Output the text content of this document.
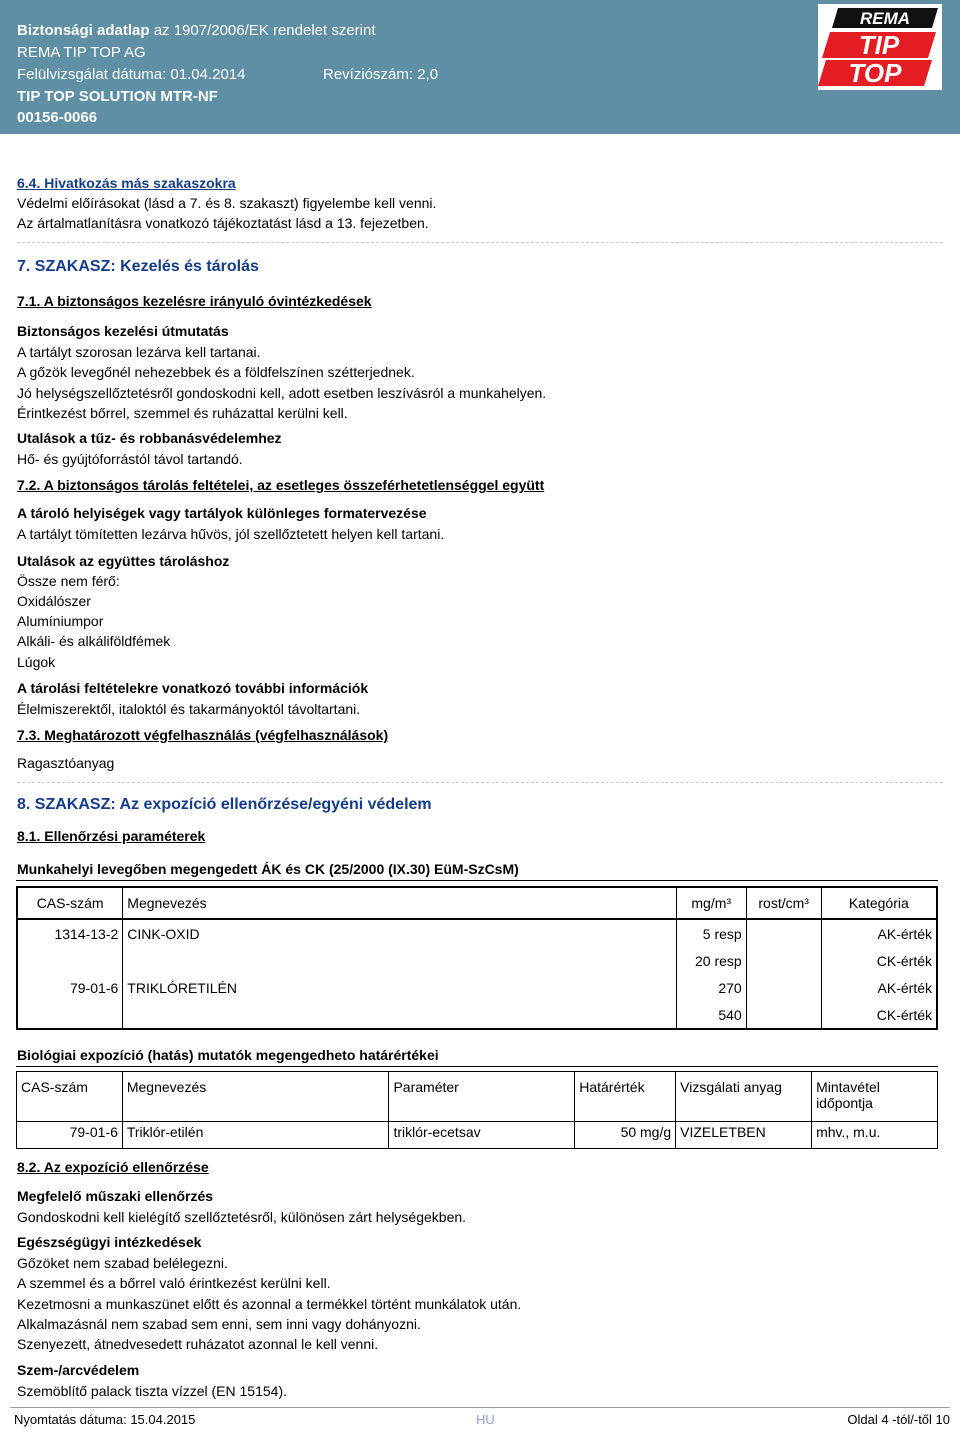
Biztonsági adatlap az 1907/2006/EK rendelet szerint
REMA TIP TOP AG
Felülvizsgálat dátuma: 01.04.2014	Revíziószám: 2,0
TIP TOP SOLUTION MTR-NF
00156-0066
REMA
TIP
TOP
6.4. Hivatkozás más szakaszokra
Védelmi előírásokat (lásd a 7. és 8. szakaszt) figyelembe kell venni.
Az ártalmatlanításra vonatkozó tájékoztatást lásd a 13. fejezetben.
7. SZAKASZ: Kezelés és tárolás
7.1. A biztonságos kezelésre irányuló óvintézkedések
Biztonságos kezelési útmutatás
A tartályt szorosan lezárva kell tartanai.
A gőzök levegőnél nehezebbek és a földfelszínen szétterjednek.
Jó helységszellőztetésről gondoskodni kell, adott esetben leszívásról a munkahelyen.
Érintkezést bőrrel, szemmel és ruházattal kerülni kell.
Utalások a tűz- és robbanásvédelemhez
Hő- és gyújtóforrástól távol tartandó.
7.2. A biztonságos tárolás feltételei, az esetleges összeférhetetlenséggel együtt
A tároló helyiségek vagy tartályok különleges formatervezése
A tartályt tömítetten lezárva hűvös, jól szellőztetett helyen kell tartani.
Utalások az együttes tároláshoz
Össze nem férő:
Oxidálószer
Alumíniumpor
Alkáli- és alkáliföldfémek
Lúgok
A tárolási feltételekre vonatkozó további információk
Élelmiszerektől, italoktól és takarmányoktól távoltartani.
7.3. Meghatározott végfelhasználás (végfelhasználások)
Ragasztóanyag
8. SZAKASZ: Az expozíció ellenőrzése/egyéni védelem
8.1. Ellenőrzési paraméterek
Munkahelyi levegőben megengedett ÁK és CK (25/2000 (IX.30) EüM-SzCsM)
CAS-szám	Megnevezés	mg/m³	rost/cm³	Kategória
1314-13-2	CINK-OXID	5 resp		AK-érték
		20 resp		CK-érték
79-01-6	TRIKLÓRETILÉN	270		AK-érték
		540		CK-érték
Biológiai expozíció (hatás) mutatók megengedheto határértékei
CAS-szám	Megnevezés	Paraméter	Határérték	Vizsgálati anyag	Mintavétel időpontja
79-01-6	Triklór-etilén	triklór-ecetsav	50 mg/g	VIZELETBEN	mhv., m.u.
8.2. Az expozíció ellenőrzése
Megfelelő műszaki ellenőrzés
Gondoskodni kell kielégítő szellőztetésről, különösen zárt helységekben.
Egészségügyi intézkedések
Gőzöket nem szabad belélegezni.
A szemmel és a bőrrel való érintkezést kerülni kell.
Kezetmosni a munkaszünet előtt és azonnal a termékkel történt munkálatok után.
Alkalmazásnál nem szabad sem enni, sem inni vagy dohányozni.
Szenyezett, átnedvesedett ruházatot azonnal le kell venni.
Szem-/arcvédelem
Szemöblítő palack tiszta vízzel (EN 15154).
Nyomtatás dátuma: 15.04.2015	HU	Oldal 4 -tól/-től 10
